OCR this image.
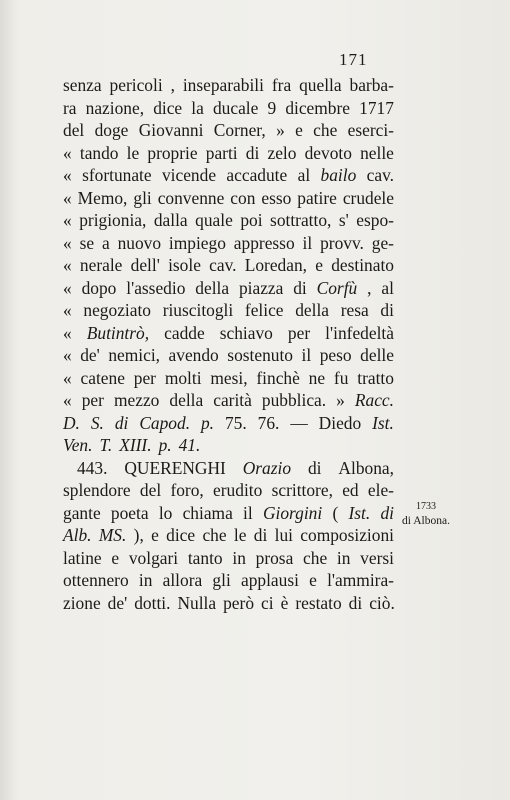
171
senza pericoli , inseparabili fra quella barba-
ra nazione, dice la ducale 9 dicembre 1717
del doge Giovanni Corner, » e che eserci-
« tando le proprie parti di zelo devoto nelle
« sfortunate vicende accadute al bailo cav.
« Memo, gli convenne con esso patire crudele
« prigionia, dalla quale poi sottratto, s' espo-
« se a nuovo impiego appresso il provv. ge-
« nerale dell' isole cav. Loredan, e destinato
« dopo l'assedio della piazza di Corfù , al
« negoziato riuscitogli felice della resa di
« Butintrò, cadde schiavo per l'infedeltà
« de' nemici, avendo sostenuto il peso delle
« catene per molti mesi, finchè ne fu tratto
« per mezzo della carità pubblica. » Racc.
D. S. di Capod. p. 75. 76. — Diedo Ist.
Ven. T. XIII. p. 41.
443. QUERENGHI Orazio di Albona,
splendore del foro, erudito scrittore, ed ele-
gante poeta lo chiama il Giorgini ( Ist. di
Alb. MS. ), e dice che le di lui composizioni
latine e volgari tanto in prosa che in versi
ottennero in allora gli applausi e l'ammira-
zione de' dotti. Nulla però ci è restato di ciò.
1733
di Albona.
